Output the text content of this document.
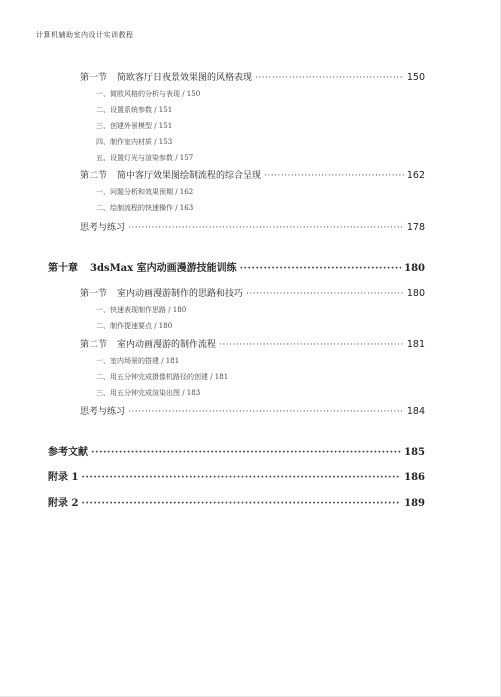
计算机辅助室内设计实训教程
第一节 简欧客厅日夜景效果图的风格表现 ·····	150
一、简欧风格的分析与表现 / 150
二、设置系统参数 / 151
三、创建外景模型 / 151
四、制作室内材质 / 153
五、设置灯光与渲染参数 / 157
第二节 简中客厅效果图绘制流程的综合呈现 ·····	162
一、问题分析和效果预期 / 162
二、绘制流程的快速操作 / 163
思考与练习 ·····	178
第十章 3dsMax 室内动画漫游技能训练 ·····	180
第一节 室内动画漫游制作的思路和技巧 ·····	180
一、快速表现制作思路 / 180
二、制作提速要点 / 180
第二节 室内动画漫游的制作流程 ·····	181
一、室内场景的搭建 / 181
二、用五分钟完成摄像机路径的创建 / 181
三、用五分钟完成渲染出图 / 183
思考与练习 ·····	184
参考文献 ·····	185
附录 1 ·····	186
附录 2 ·····	189
